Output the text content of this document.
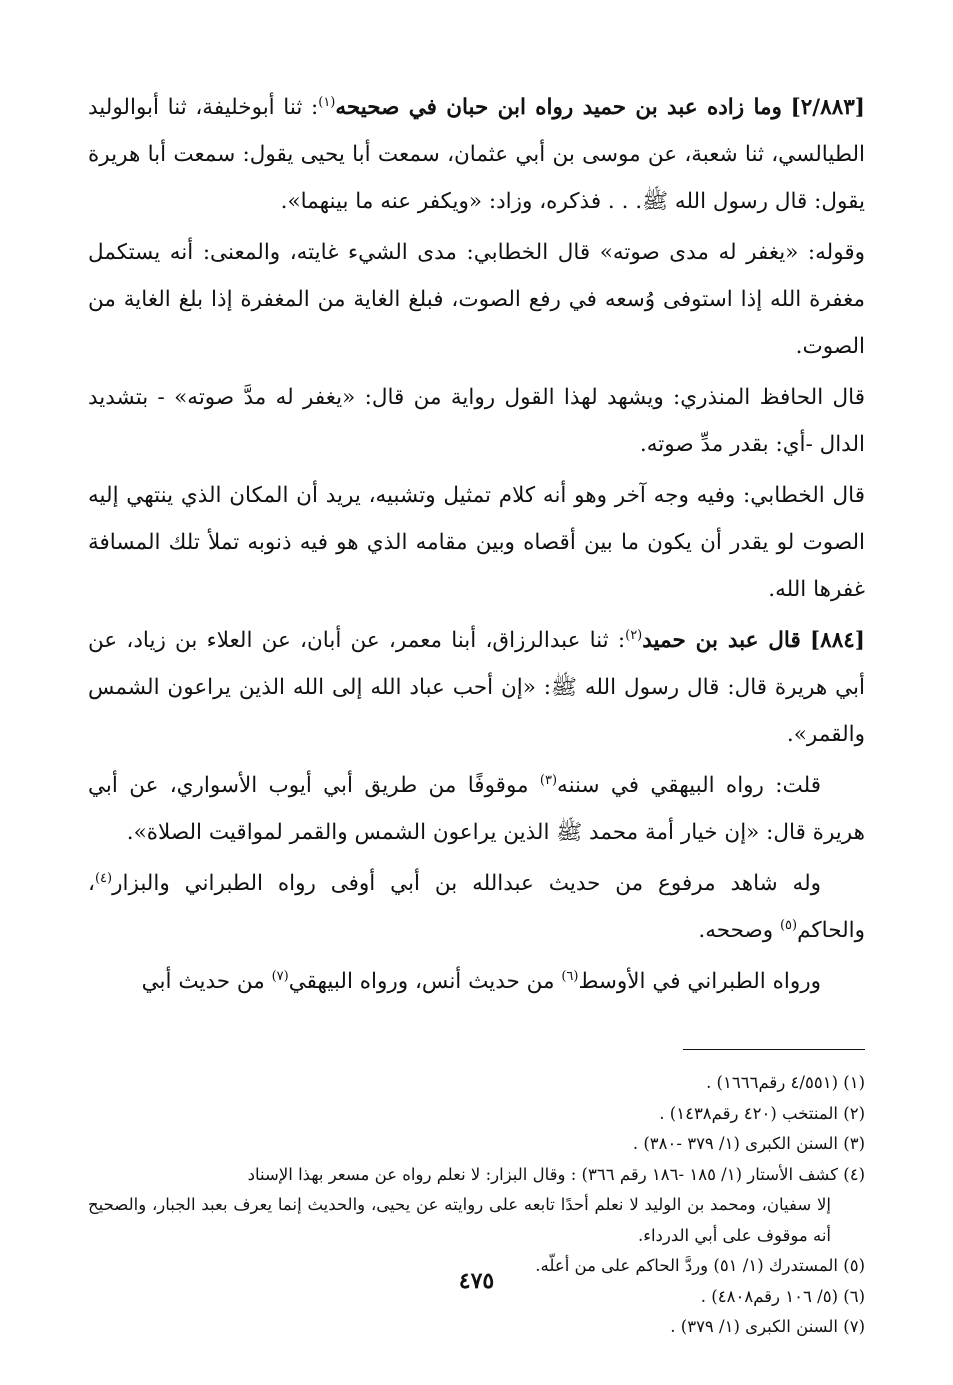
[٢/٨٨٣] وما زاده عبد بن حميد رواه ابن حبان في صحيحه$^{(١)}$: ثنا أبوخليفة، ثنا أبوالوليد الطيالسي، ثنا شعبة، عن موسى بن أبي عثمان، سمعت أبا يحيى يقول: سمعت أبا هريرة يقول: قال رسول الله ﷺ. . . فذكره، وزاد: «ويكفر عنه ما بينهما».

وقوله: «يغفر له مدى صوته» قال الخطابي: مدى الشيء غايته، والمعنى: أنه يستكمل مغفرة الله إذا استوفى وُسعه في رفع الصوت، فبلغ الغاية من المغفرة إذا بلغ الغاية من الصوت.

قال الحافظ المنذري: ويشهد لهذا القول رواية من قال: «يغفر له مدَّ صوته» - بتشديد الدال -أي: بقدر مدِّ صوته.

قال الخطابي: وفيه وجه آخر وهو أنه كلام تمثيل وتشبيه، يريد أن المكان الذي ينتهي إليه الصوت لو يقدر أن يكون ما بين أقصاه وبين مقامه الذي هو فيه ذنوبه تملأ تلك المسافة غفرها الله.

[٨٨٤] قال عبد بن حميد$^{(٢)}$: ثنا عبدالرزاق، أبنا معمر، عن أبان، عن العلاء بن زياد، عن أبي هريرة قال: قال رسول الله ﷺ: «إن أحب عباد الله إلى الله الذين يراعون الشمس والقمر».

قلت: رواه البيهقي في سننه$^{(٣)}$ موقوفًا من طريق أبي أيوب الأسواري، عن أبي هريرة قال: «إن خيار أمة محمد ﷺ الذين يراعون الشمس والقمر لمواقيت الصلاة».

وله شاهد مرفوع من حديث عبدالله بن أبي أوفى رواه الطبراني والبزار$^{(٤)}$، والحاكم$^{(٥)}$ وصححه.

ورواه الطبراني في الأوسط$^{(٦)}$ من حديث أنس، ورواه البيهقي$^{(٧)}$ من حديث أبي

(١) (٤/٥٥١ رقم١٦٦٦) .

(٢) المنتخب (٤٢٠ رقم١٤٣٨) .

(٣) السنن الكبرى (١/ ٣٧٩ -٣٨٠) .

(٤) كشف الأستار (١/ ١٨٥ -١٨٦ رقم ٣٦٦) : وقال البزار: لا نعلم رواه عن مسعر بهذا الإسناد

إلا سفيان، ومحمد بن الوليد لا نعلم أحدًا تابعه على روايته عن يحيى، والحديث إنما يعرف بعبد الجبار، والصحيح أنه موقوف على أبي الدرداء.

(٥) المستدرك (١/ ٥١) وردَّ الحاكم على من أعلّه.

(٦) (٥/ ١٠٦ رقم٤٨٠٨) .

(٧) السنن الكبرى (١/ ٣٧٩) .

٤٧٥
